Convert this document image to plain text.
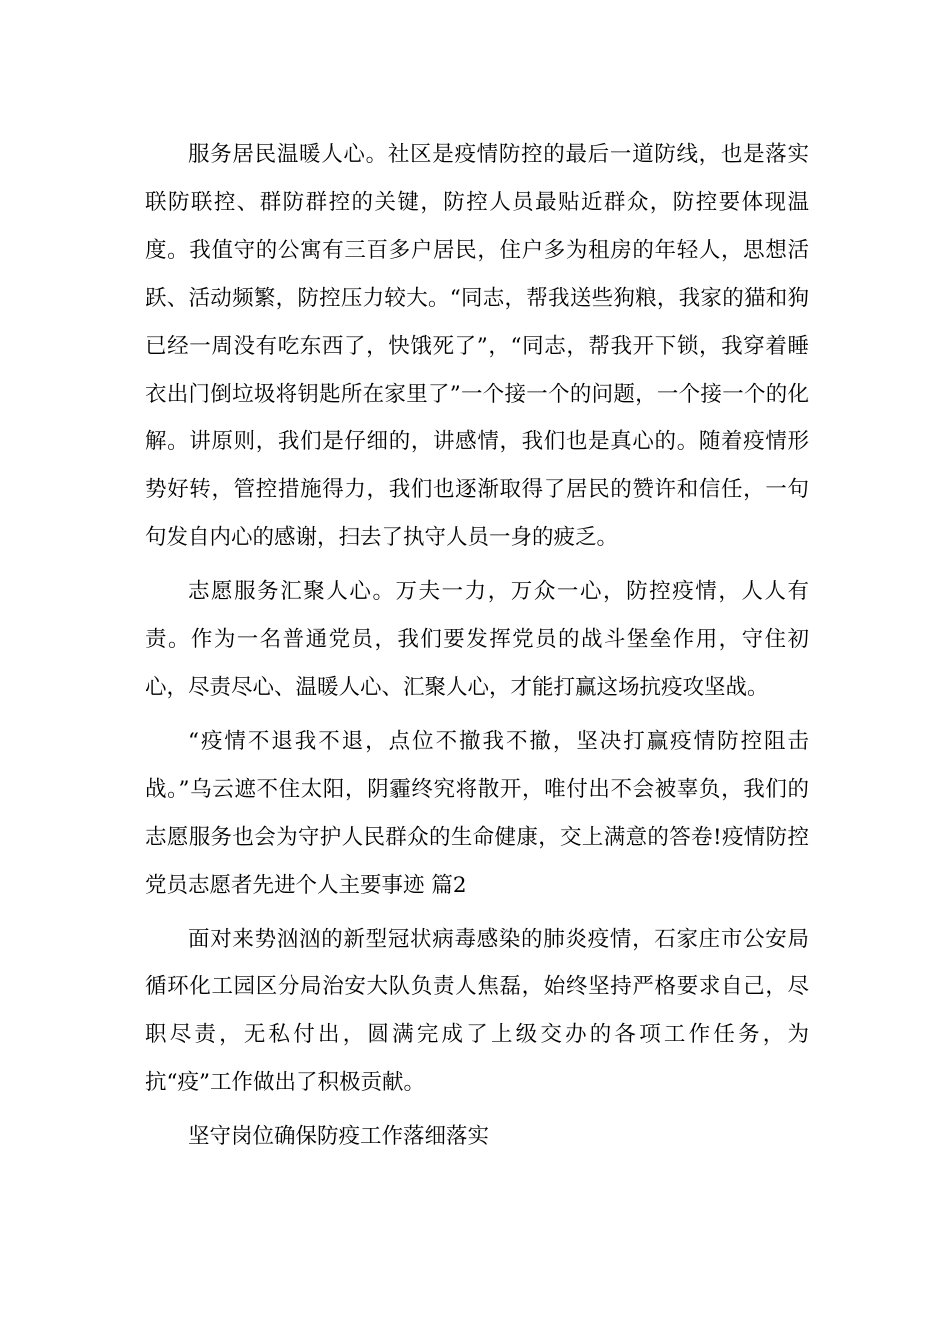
服务居民温暖人心。社区是疫情防控的最后一道防线，也是落实联防联控、群防群控的关键，防控人员最贴近群众，防控要体现温度。我值守的公寓有三百多户居民，住户多为租房的年轻人，思想活跃、活动频繁，防控压力较大。“同志，帮我送些狗粮，我家的猫和狗已经一周没有吃东西了，快饿死了”，“同志，帮我开下锁，我穿着睡衣出门倒垃圾将钥匙所在家里了”一个接一个的问题，一个接一个的化解。讲原则，我们是仔细的，讲感情，我们也是真心的。随着疫情形势好转，管控措施得力，我们也逐渐取得了居民的赞许和信任，一句句发自内心的感谢，扫去了执守人员一身的疲乏。

志愿服务汇聚人心。万夫一力，万众一心，防控疫情，人人有责。作为一名普通党员，我们要发挥党员的战斗堡垒作用，守住初心，尽责尽心、温暖人心、汇聚人心，才能打赢这场抗疫攻坚战。

“疫情不退我不退，点位不撤我不撤，坚决打赢疫情防控阻击战。”乌云遮不住太阳，阴霾终究将散开，唯付出不会被辜负，我们的志愿服务也会为守护人民群众的生命健康，交上满意的答卷!疫情防控党员志愿者先进个人主要事迹 篇2

面对来势汹汹的新型冠状病毒感染的肺炎疫情，石家庄市公安局循环化工园区分局治安大队负责人焦磊，始终坚持严格要求自己，尽职尽责，无私付出，圆满完成了上级交办的各项工作任务，为抗“疫”工作做出了积极贡献。

坚守岗位确保防疫工作落细落实
